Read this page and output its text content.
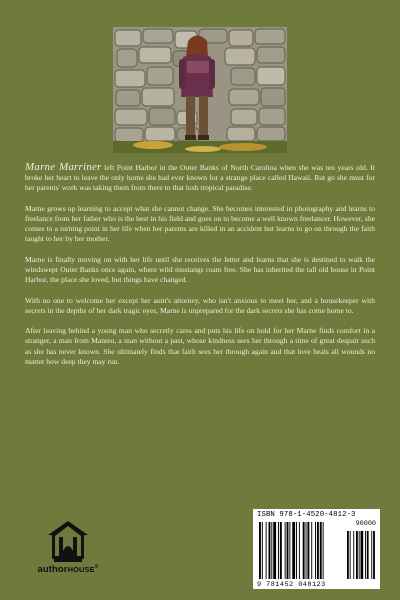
Marne Marriner left Point Harbor in the Outer Banks of North Carolina when she was ten years old. It broke her heart to leave the only home she had ever known for a strange place called Hawaii. But go she must for her parents' work was taking them from there to that lush tropical paradise.

Marne grows up learning to accept what she cannot change. She becomes interested in photography and learns to freelance from her father who is the best in his field and goes on to become a well known freelancer. However, she comes to a turning point in her life when her parents are killed in an accident but learns to go on through the faith taught to her by her mother.

Marne is finally moving on with her life until she receives the letter and learns that she is destined to walk the windswept Outer Banks once again, where wild mustangs roam free. She has inherited the tall old house in Point Harbor, the place she loved, but things have changed.

With no one to welcome her except her aunt's attorney, who isn't anxious to meet her, and a housekeeper with secrets in the depths of her dark tragic eyes, Marne is unprepared for the dark secrets she has come home to.

After leaving behind a young man who secretly cares and puts his life on hold for her Marne finds comfort in a stranger, a man from Manteo, a man without a past, whose kindness sees her through a time of great despair such as she has never known. She ultimately finds that faith sees her through again and that love heals all wounds no matter how deep they may run.

authorHOUSE®
ISBN 978-1-4520-4812-3
90000
9 781452 048123
